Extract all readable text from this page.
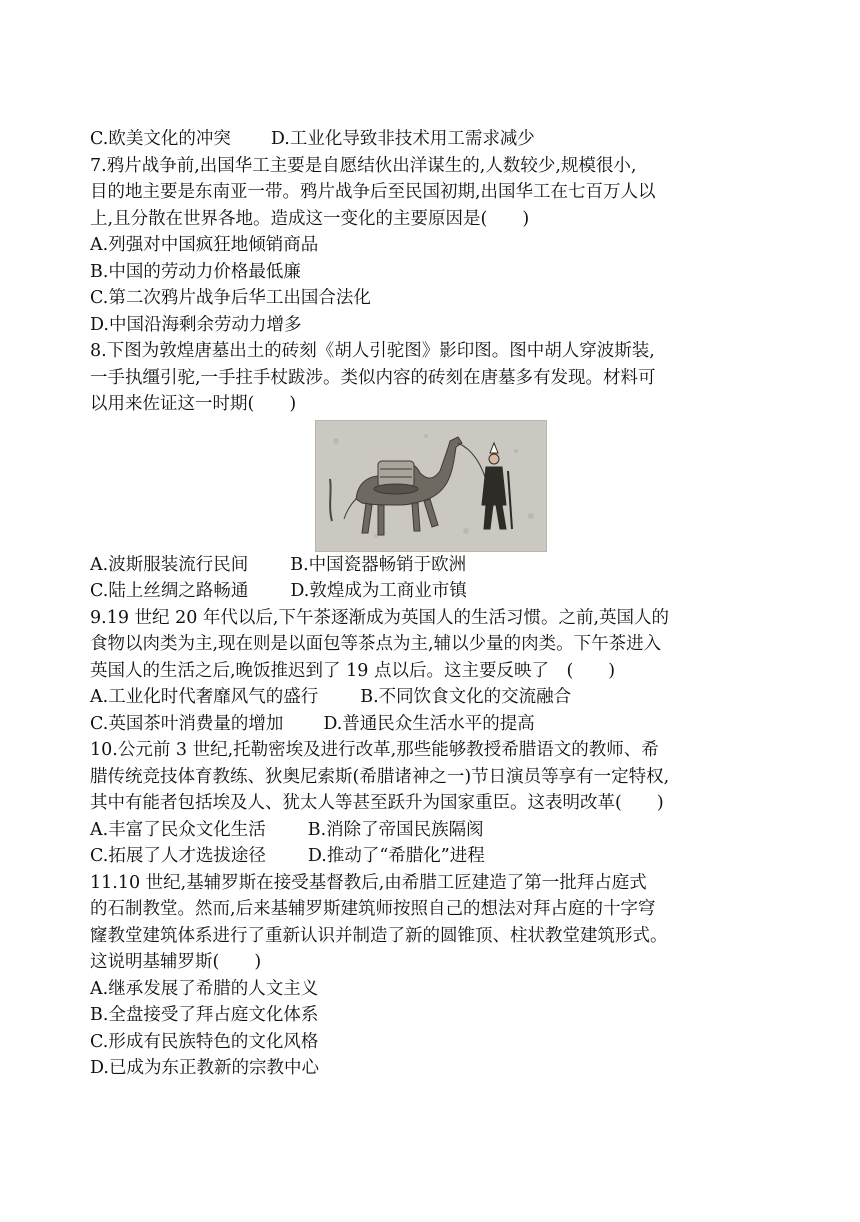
C.欧美文化的冲突 D.工业化导致非技术用工需求减少
7.鸦片战争前,出国华工主要是自愿结伙出洋谋生的,人数较少,规模很小,
目的地主要是东南亚一带。鸦片战争后至民国初期,出国华工在七百万人以
上,且分散在世界各地。造成这一变化的主要原因是(　　)
A.列强对中国疯狂地倾销商品
B.中国的劳动力价格最低廉
C.第二次鸦片战争后华工出国合法化
D.中国沿海剩余劳动力增多
8.下图为敦煌唐墓出土的砖刻《胡人引驼图》影印图。图中胡人穿波斯装,
一手执缰引驼,一手拄手杖跋涉。类似内容的砖刻在唐墓多有发现。材料可
以用来佐证这一时期(　　)
A.波斯服装流行民间 B.中国瓷器畅销于欧洲
C.陆上丝绸之路畅通 D.敦煌成为工商业市镇
9.19 世纪 20 年代以后,下午茶逐渐成为英国人的生活习惯。之前,英国人的
食物以肉类为主,现在则是以面包等茶点为主,辅以少量的肉类。下午茶进入
英国人的生活之后,晚饭推迟到了 19 点以后。这主要反映了　(　　)
A.工业化时代奢靡风气的盛行 B.不同饮食文化的交流融合
C.英国茶叶消费量的增加 D.普通民众生活水平的提高
10.公元前 3 世纪,托勒密埃及进行改革,那些能够教授希腊语文的教师、希
腊传统竞技体育教练、狄奥尼索斯(希腊诸神之一)节日演员等享有一定特权,
其中有能者包括埃及人、犹太人等甚至跃升为国家重臣。这表明改革(　　)
A.丰富了民众文化生活 B.消除了帝国民族隔阂
C.拓展了人才选拔途径 D.推动了“希腊化”进程
11.10 世纪,基辅罗斯在接受基督教后,由希腊工匠建造了第一批拜占庭式
的石制教堂。然而,后来基辅罗斯建筑师按照自己的想法对拜占庭的十字穹
窿教堂建筑体系进行了重新认识并制造了新的圆锥顶、柱状教堂建筑形式。
这说明基辅罗斯(　　)
A.继承发展了希腊的人文主义
B.全盘接受了拜占庭文化体系
C.形成有民族特色的文化风格
D.已成为东正教新的宗教中心
